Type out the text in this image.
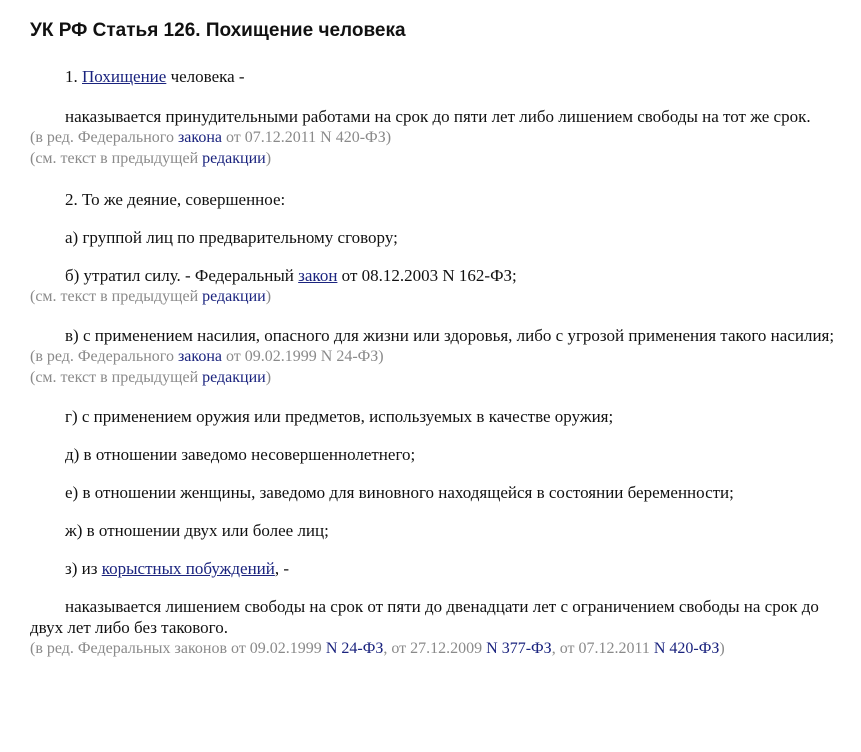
УК РФ Статья 126. Похищение человека

1. Похищение человека -

наказывается принудительными работами на срок до пяти лет либо лишением свободы на тот же срок.

(в ред. Федерального закона от 07.12.2011 N 420-ФЗ)

(см. текст в предыдущей редакции)

2. То же деяние, совершенное:

а) группой лиц по предварительному сговору;

б) утратил силу. - Федеральный закон от 08.12.2003 N 162-ФЗ;

(см. текст в предыдущей редакции)

в) с применением насилия, опасного для жизни или здоровья, либо с угрозой применения такого насилия;

(в ред. Федерального закона от 09.02.1999 N 24-ФЗ)

(см. текст в предыдущей редакции)

г) с применением оружия или предметов, используемых в качестве оружия;

д) в отношении заведомо несовершеннолетнего;

е) в отношении женщины, заведомо для виновного находящейся в состоянии беременности;

ж) в отношении двух или более лиц;

з) из корыстных побуждений, -

наказывается лишением свободы на срок от пяти до двенадцати лет с ограничением свободы на срок до двух лет либо без такового.

(в ред. Федеральных законов от 09.02.1999 N 24-ФЗ, от 27.12.2009 N 377-ФЗ, от 07.12.2011 N 420-ФЗ)
